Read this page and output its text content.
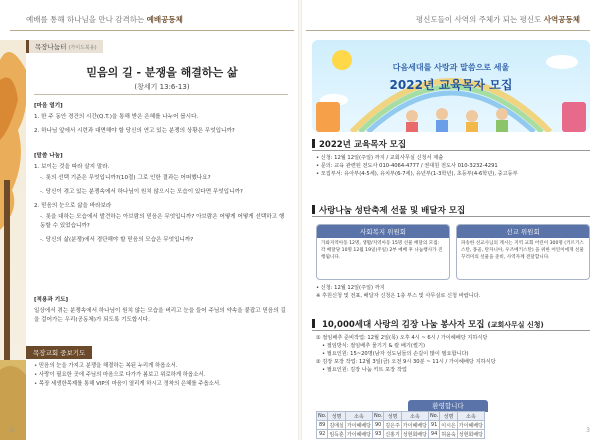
예배를 통해 하나님을 만나 감격하는 예배공동체
목장나눔터 (가이드북용)
믿음의 길 - 분쟁을 해결하는 삶
(창세기 13:6-13)
[마음 열기]
1. 한 주 동안 경건의 시간(Q.T.)을 통해 받은 은혜를 나누어 봅시다.
2. 하나님 앞에서 시련과 대면해야 할 당신의 연고 있는 분쟁의 상황은 무엇입니까?
[말씀 나눔]
1. 보이는 것을 따라 살지 말라.
-. 롯의 선택 기준은 무엇입니까?(10절) 그로 인한 결과는 어떠했나요?
-. 당신이 겪고 있는 분쟁속에서 하나님이 원치 않으시는 모습이 있다면 무엇입니까?
2. 믿음의 눈으로 삶을 바라보라
-. 롯을 대하는 모습에서 발견하는 아브람의 믿음은 무엇입니까? 아브람은 어떻게 어떻게 선택하고 행동할 수 있었습니까?
-. 당신의 삶(분쟁)에서 경단해야 할 믿음의 모습은 무엇입니까?
[적용과 기도]
일상에서 겪는 분쟁속에서 하나님이 원치 않는 모습을 버리고 눈을 들어 주님의 약속을 붙잡고 믿음의 길을 걸어가는 우리(공동체)가 되도록 기도합시다.
목장교회 중보기도
• 믿음의 눈을 가지고 분쟁을 해결하는 복된 누리게 하옵소서.
• 사랑이 필요한 곳에 주님의 마음으로 다가가 봄보고 위로하게 하옵소서.
• 목장 세생한목제를 통해 VIP의 마음이 열리게 하시고 정착의 은혜를 주옵소서.
2
평신도들이 사역의 주체가 되는 평신도 사역공동체
다음세대를 사랑과 말씀으로 세울
2022년 교육목자 모집
2022년 교육목자 모집
• 신청: 12월 12일(주일) 까지 / 교회사무실 신청서 제출
• 문의: 교육 관련된 전도사 010-4064-4777 / 권대원 전도사 010-3232-4291
• 모집부서: 유아부(4-5세), 유치부(6-7세), 유년부(1-3학년), 초등부(4-6학년), 중고등부
사랑나눔 성탄축제 선물 및 배달자 모집
사회복지 위원회
가와지역아동 12명, 생활/지역아동 15명 선물 배달의 모집: 각 배달당 10명 12월 19일(주일) 2부 예배 후 나눔행사가 진행됩니다.
선교 위원회
파송한 선교사님의 계시는 지역 교회 어린이 300명 (키르기스스탄, 몽골, 탄자니아, 우즈베키스탄) 을 위한 어린이에게 선물 꾸러미의 선물을 준비, 사역자께 전달합니다.
• 신청: 12월 12일(주일) 까지
※ 후원신청 및 전표, 배달자 신청은 1층 부스 및 사무실로 신청 바랍니다.
10,000세대 사랑의 김장 나눔 봉사자 모집 (교회사무실 신청)
① 절임배추 준비작업: 12월 2일(목) 오후 4시 ~ 6시 / 가이헤배당 지하식당
• 절임방식: 절임배추 물기기 & 칼 배기(썰기)
• 필요인원: 15~20명(남자 성도님들의 손길이 많이 필요합니다)
② 김장 포장 작업: 12월 3일(금) 오전 9시 30분 ~ 11시 / 가이헤배당 지하식당
• 필요인원: 김장 나눔 키트 포장 작업
환영합니다
No.	성명	소속	No.	성명	소속	No.	성명	소속
89	김애실	가이헤배당	90	김은주	가이헤배당	91	이시은	가이헤배당
92	임득훈	가이헤배당	93	신홍기	성현회배당	94	허윤숙	성현회배당
3
